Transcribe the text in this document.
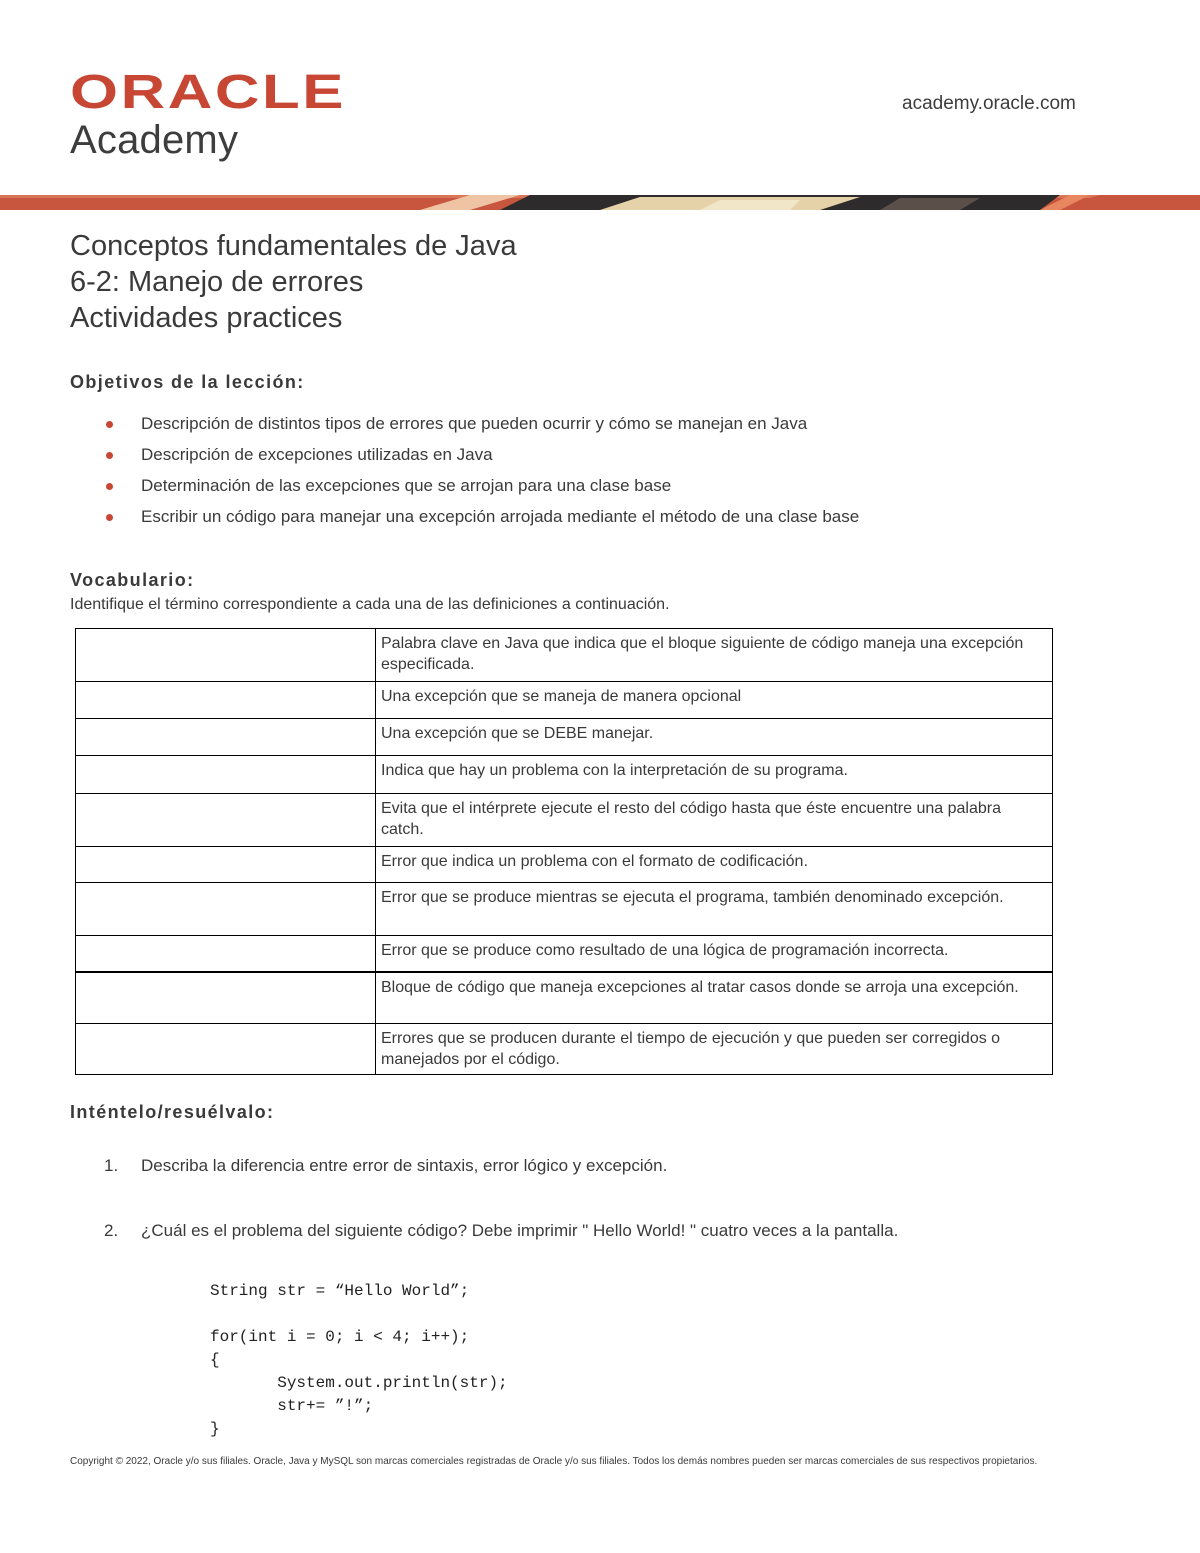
ORACLE
Academy
academy.oracle.com
Conceptos fundamentales de Java
6-2: Manejo de errores
Actividades practices
Objetivos de la lección:
Descripción de distintos tipos de errores que pueden ocurrir y cómo se manejan en Java
Descripción de excepciones utilizadas en Java
Determinación de las excepciones que se arrojan para una clase base
Escribir un código para manejar una excepción arrojada mediante el método de una clase base
Vocabulario:
Identifique el término correspondiente a cada una de las definiciones a continuación.
	Palabra clave en Java que indica que el bloque siguiente de código maneja una excepción especificada.
	Una excepción que se maneja de manera opcional
	Una excepción que se DEBE manejar.
	Indica que hay un problema con la interpretación de su programa.
	Evita que el intérprete ejecute el resto del código hasta que éste encuentre una palabra catch.
	Error que indica un problema con el formato de codificación.
	Error que se produce mientras se ejecuta el programa, también denominado excepción.
	Error que se produce como resultado de una lógica de programación incorrecta.
	Bloque de código que maneja excepciones al tratar casos donde se arroja una excepción.
	Errores que se producen durante el tiempo de ejecución y que pueden ser corregidos o manejados por el código.
Inténtelo/resuélvalo:
1. Describa la diferencia entre error de sintaxis, error lógico y excepción.
2. ¿Cuál es el problema del siguiente código? Debe imprimir " Hello World! " cuatro veces a la pantalla.
String str = “Hello World”;
for(int i = 0; i < 4; i++);
{
System.out.println(str);
str+= ”!”;
}
Copyright © 2022, Oracle y/o sus filiales. Oracle, Java y MySQL son marcas comerciales registradas de Oracle y/o sus filiales. Todos los demás nombres pueden ser marcas comerciales de sus respectivos propietarios.
